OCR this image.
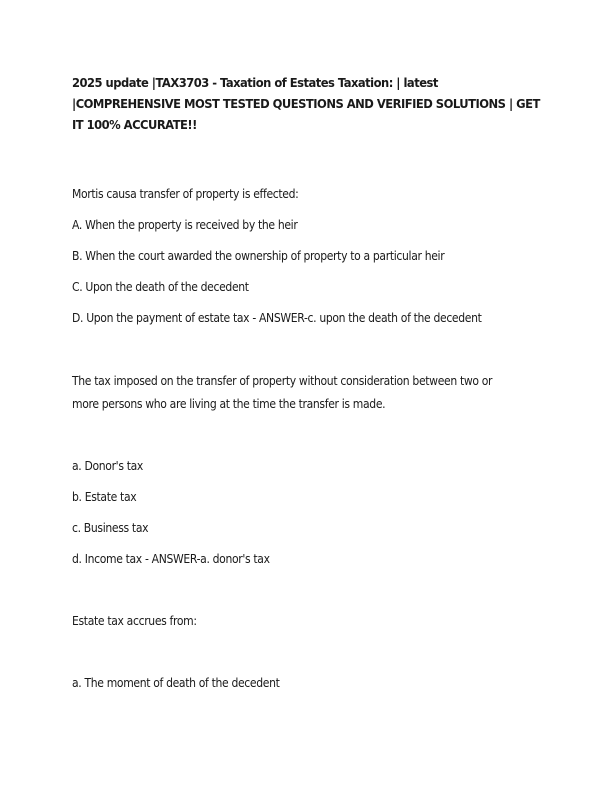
2025 update |TAX3703 - Taxation of Estates Taxation: | latest
|COMPREHENSIVE MOST TESTED QUESTIONS AND VERIFIED SOLUTIONS | GET
IT 100% ACCURATE!!
Mortis causa transfer of property is effected:
A. When the property is received by the heir
B. When the court awarded the ownership of property to a particular heir
C. Upon the death of the decedent
D. Upon the payment of estate tax - ANSWER-c. upon the death of the decedent
The tax imposed on the transfer of property without consideration between two or
more persons who are living at the time the transfer is made.
a. Donor's tax
b. Estate tax
c. Business tax
d. Income tax - ANSWER-a. donor's tax
Estate tax accrues from:
a. The moment of death of the decedent
